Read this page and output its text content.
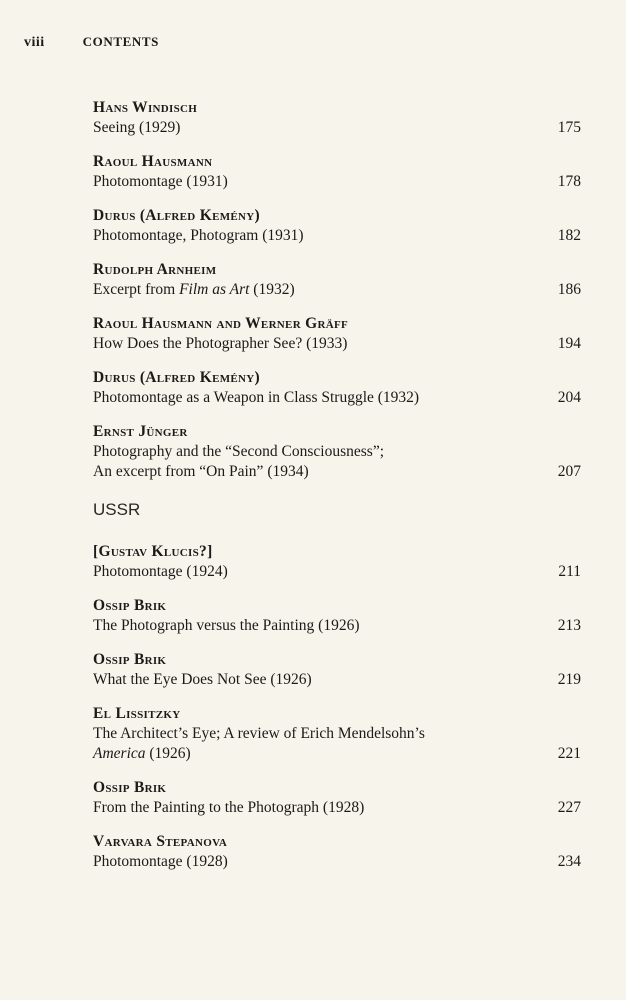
viii	CONTENTS
Hans Windisch
Seeing (1929)	175
Raoul Hausmann
Photomontage (1931)	178
Durus (Alfred Kemény)
Photomontage, Photogram (1931)	182
Rudolph Arnheim
Excerpt from Film as Art (1932)	186
Raoul Hausmann and Werner Gräff
How Does the Photographer See? (1933)	194
Durus (Alfred Kemény)
Photomontage as a Weapon in Class Struggle (1932)	204
Ernst Jünger
Photography and the “Second Consciousness”;
An excerpt from “On Pain” (1934)	207
USSR
[Gustav Klucis?]
Photomontage (1924)	211
Ossip Brik
The Photograph versus the Painting (1926)	213
Ossip Brik
What the Eye Does Not See (1926)	219
El Lissitzky
The Architect’s Eye; A review of Erich Mendelsohn’s
America (1926)	221
Ossip Brik
From the Painting to the Photograph (1928)	227
Varvara Stepanova
Photomontage (1928)	234
